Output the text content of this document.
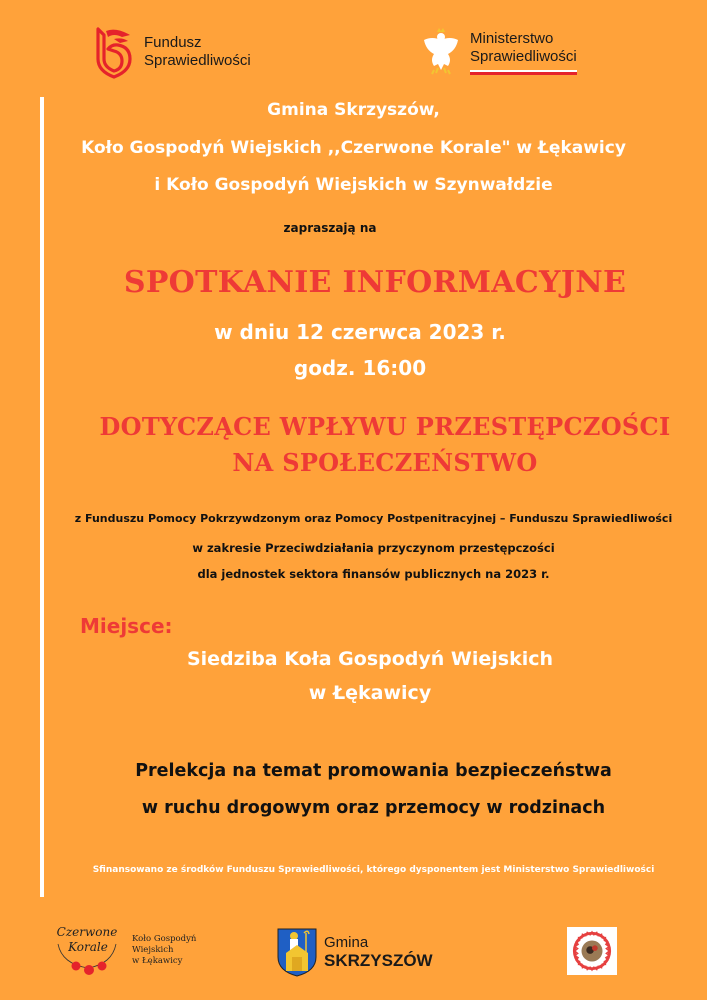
Fundusz
Sprawiedliwości
Ministerstwo
Sprawiedliwości
Gmina Skrzyszów,
Koło Gospodyń Wiejskich ,,Czerwone Korale" w Łękawicy
i Koło Gospodyń Wiejskich w Szynwałdzie
zapraszają na
SPOTKANIE INFORMACYJNE
w dniu 12 czerwca 2023 r.
godz. 16:00
DOTYCZĄCE WPŁYWU PRZESTĘPCZOŚCI
NA SPOŁECZEŃSTWO
z Funduszu Pomocy Pokrzywdzonym oraz Pomocy Postpenitracyjnej – Funduszu Sprawiedliwości
w zakresie Przeciwdziałania przyczynom przestępczości
dla jednostek sektora finansów publicznych na 2023 r.
Miejsce:
Siedziba Koła Gospodyń Wiejskich
w Łękawicy
Prelekcja na temat promowania bezpieczeństwa
w ruchu drogowym oraz przemocy w rodzinach
Sfinansowano ze środków Funduszu Sprawiedliwości, którego dysponentem jest Ministerstwo Sprawiedliwości
Czerwone
Korale
Koło Gospodyń
Wiejskich
w Łękawicy
Gmina
SKRZYSZÓW
